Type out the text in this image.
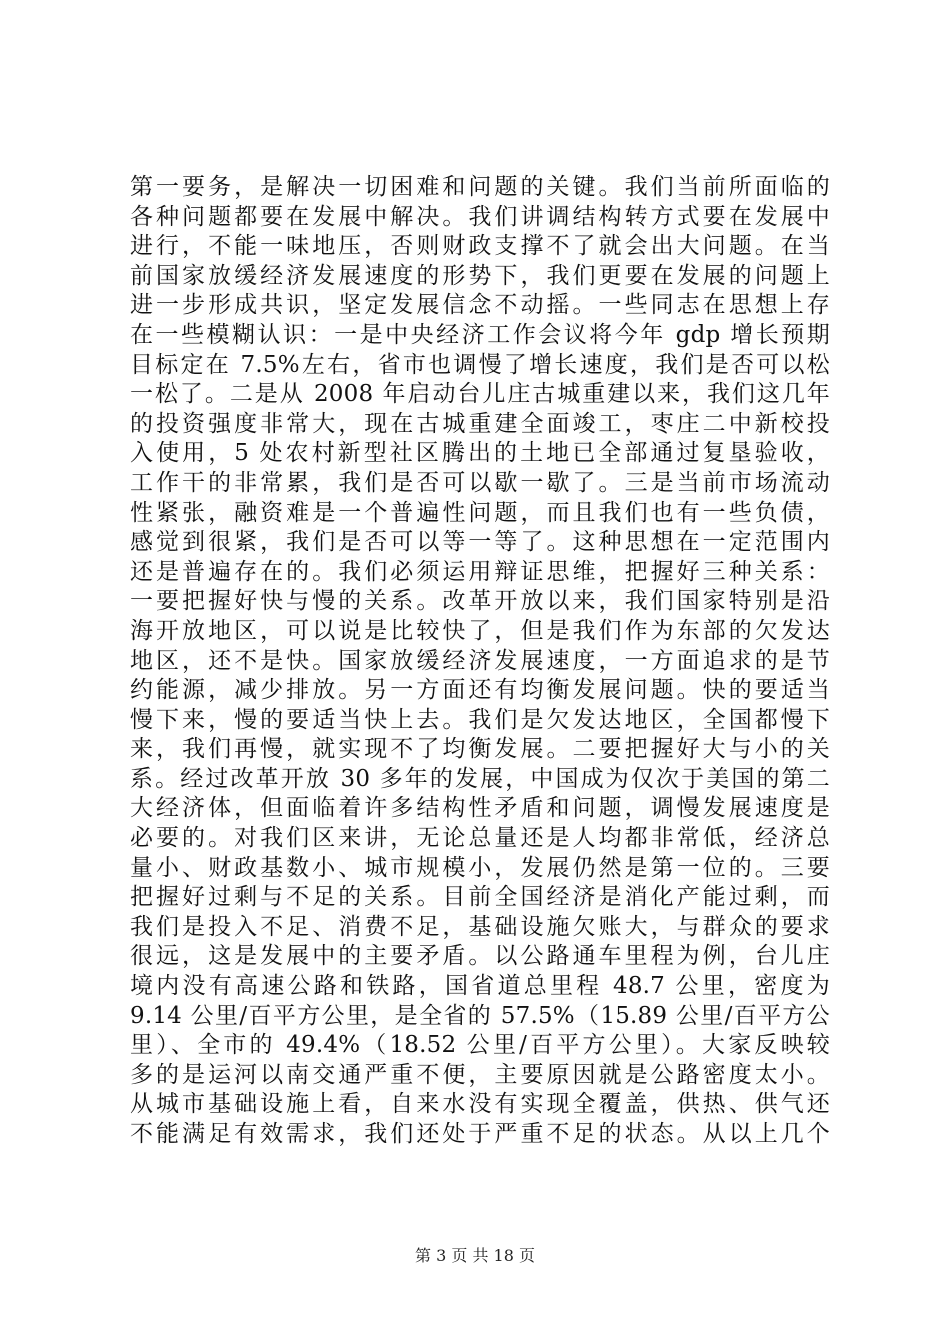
第一要务，是解决一切困难和问题的关键。我们当前所面临的
各种问题都要在发展中解决。我们讲调结构转方式要在发展中
进行，不能一味地压，否则财政支撑不了就会出大问题。在当
前国家放缓经济发展速度的形势下，我们更要在发展的问题上
进一步形成共识，坚定发展信念不动摇。一些同志在思想上存
在一些模糊认识：一是中央经济工作会议将今年 gdp 增长预期
目标定在 7.5%左右，省市也调慢了增长速度，我们是否可以松
一松了。二是从 2008 年启动台儿庄古城重建以来，我们这几年
的投资强度非常大，现在古城重建全面竣工，枣庄二中新校投
入使用，5 处农村新型社区腾出的土地已全部通过复垦验收，
工作干的非常累，我们是否可以歇一歇了。三是当前市场流动
性紧张，融资难是一个普遍性问题，而且我们也有一些负债，
感觉到很紧，我们是否可以等一等了。这种思想在一定范围内
还是普遍存在的。我们必须运用辩证思维，把握好三种关系：
一要把握好快与慢的关系。改革开放以来，我们国家特别是沿
海开放地区，可以说是比较快了，但是我们作为东部的欠发达
地区，还不是快。国家放缓经济发展速度，一方面追求的是节
约能源，减少排放。另一方面还有均衡发展问题。快的要适当
慢下来，慢的要适当快上去。我们是欠发达地区，全国都慢下
来，我们再慢，就实现不了均衡发展。二要把握好大与小的关
系。经过改革开放 30 多年的发展，中国成为仅次于美国的第二
大经济体，但面临着许多结构性矛盾和问题，调慢发展速度是
必要的。对我们区来讲，无论总量还是人均都非常低，经济总
量小、财政基数小、城市规模小，发展仍然是第一位的。三要
把握好过剩与不足的关系。目前全国经济是消化产能过剩，而
我们是投入不足、消费不足，基础设施欠账大，与群众的要求
很远，这是发展中的主要矛盾。以公路通车里程为例，台儿庄
境内没有高速公路和铁路，国省道总里程 48.7 公里，密度为
9.14 公里/百平方公里，是全省的 57.5%（15.89 公里/百平方公
里）、全市的 49.4%（18.52 公里/百平方公里）。大家反映较
多的是运河以南交通严重不便，主要原因就是公路密度太小。
从城市基础设施上看，自来水没有实现全覆盖，供热、供气还
不能满足有效需求，我们还处于严重不足的状态。从以上几个
第 3 页 共 18 页
